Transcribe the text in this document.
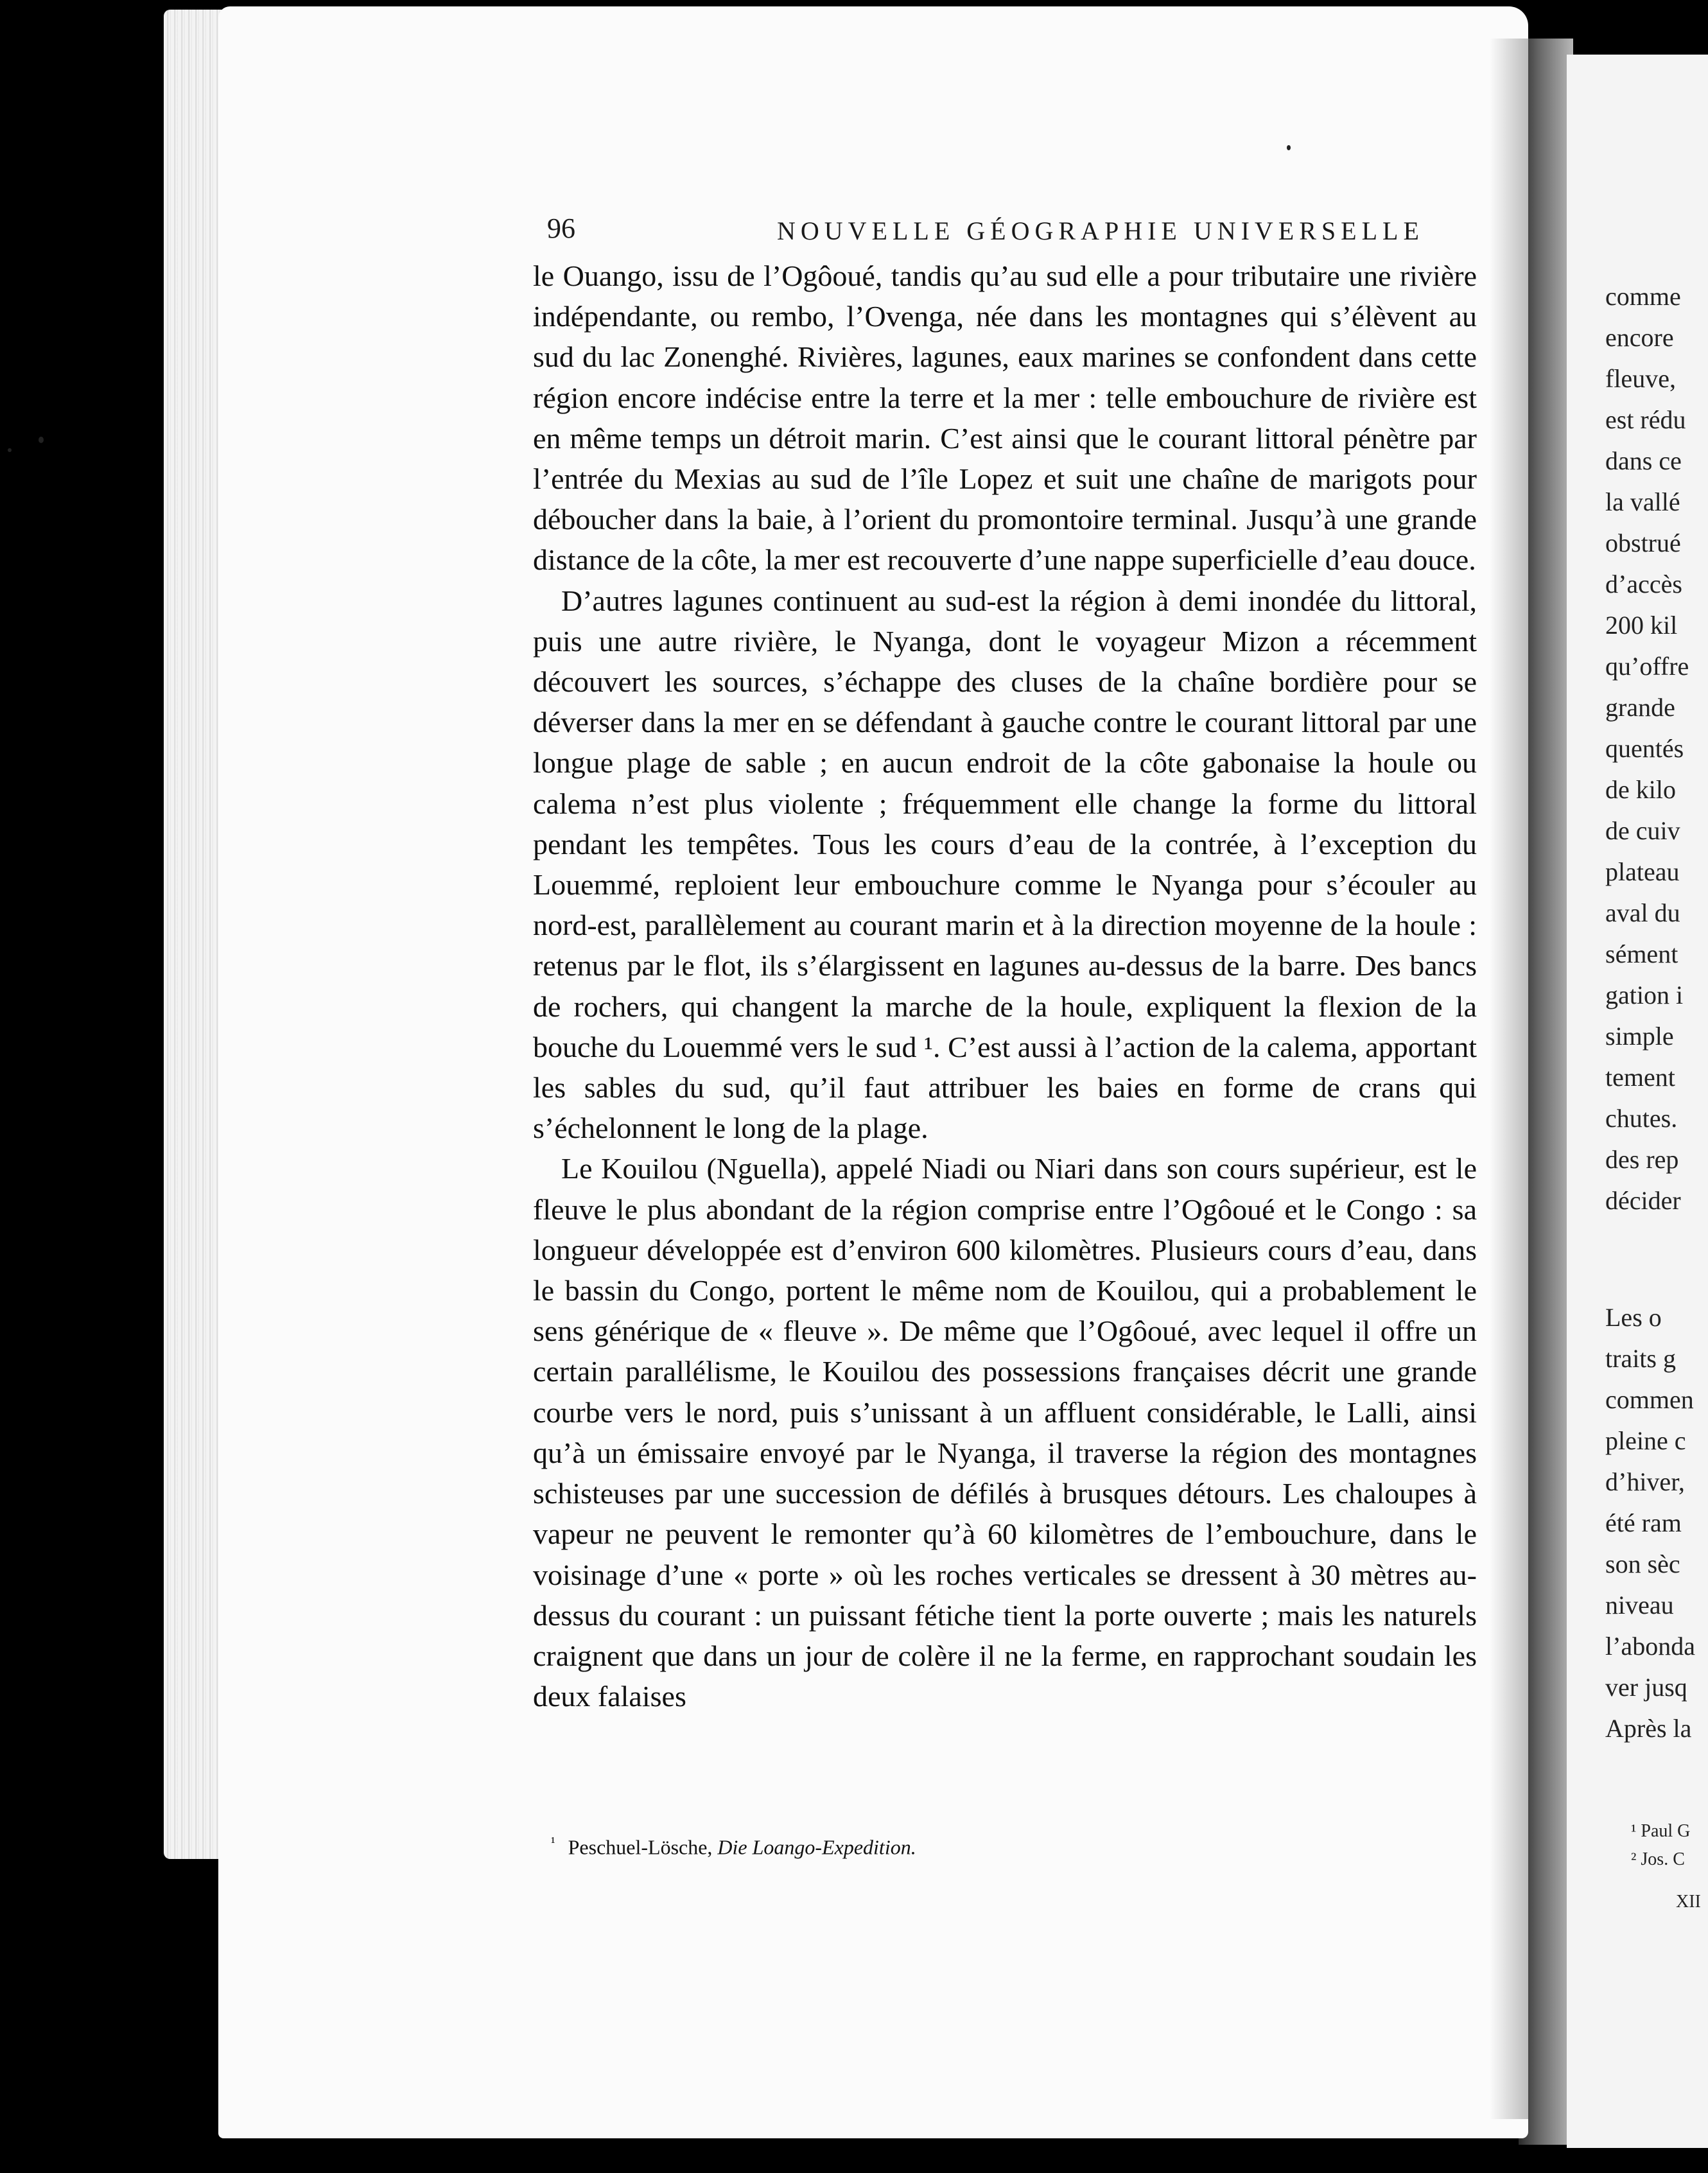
96	NOUVELLE GÉOGRAPHIE UNIVERSELLE

le Ouango, issu de l’Ogôoué, tandis qu’au sud elle a pour tributaire une rivière indépendante, ou rembo, l’Ovenga, née dans les montagnes qui s’élèvent au sud du lac Zonenghé. Rivières, lagunes, eaux marines se confondent dans cette région encore indécise entre la terre et la mer : telle embouchure de rivière est en même temps un détroit marin. C’est ainsi que le courant littoral pénètre par l’entrée du Mexias au sud de l’île Lopez et suit une chaîne de marigots pour déboucher dans la baie, à l’orient du promontoire terminal. Jusqu’à une grande distance de la côte, la mer est recouverte d’une nappe superficielle d’eau douce.

D’autres lagunes continuent au sud-est la région à demi inondée du littoral, puis une autre rivière, le Nyanga, dont le voyageur Mizon a récemment découvert les sources, s’échappe des cluses de la chaîne bordière pour se déverser dans la mer en se défendant à gauche contre le courant littoral par une longue plage de sable ; en aucun endroit de la côte gabonaise la houle ou calema n’est plus violente ; fréquemment elle change la forme du littoral pendant les tempêtes. Tous les cours d’eau de la contrée, à l’exception du Louemmé, reploient leur embouchure comme le Nyanga pour s’écouler au nord-est, parallèlement au courant marin et à la direction moyenne de la houle : retenus par le flot, ils s’élargissent en lagunes au-dessus de la barre. Des bancs de rochers, qui changent la marche de la houle, expliquent la flexion de la bouche du Louemmé vers le sud ¹. C’est aussi à l’action de la calema, apportant les sables du sud, qu’il faut attribuer les baies en forme de crans qui s’échelonnent le long de la plage.

Le Kouilou (Nguella), appelé Niadi ou Niari dans son cours supérieur, est le fleuve le plus abondant de la région comprise entre l’Ogôoué et le Congo : sa longueur développée est d’environ 600 kilomètres. Plusieurs cours d’eau, dans le bassin du Congo, portent le même nom de Kouilou, qui a probablement le sens générique de « fleuve ». De même que l’Ogôoué, avec lequel il offre un certain parallélisme, le Kouilou des possessions françaises décrit une grande courbe vers le nord, puis s’unissant à un affluent considérable, le Lalli, ainsi qu’à un émissaire envoyé par le Nyanga, il traverse la région des montagnes schisteuses par une succession de défilés à brusques détours. Les chaloupes à vapeur ne peuvent le remonter qu’à 60 kilomètres de l’embouchure, dans le voisinage d’une « porte » où les roches verticales se dressent à 30 mètres au-dessus du courant : un puissant fétiche tient la porte ouverte ; mais les naturels craignent que dans un jour de colère il ne la ferme, en rapprochant soudain les deux falaises

$^{^1}$ Peschuel-Lösche, Die Loango-Expedition.
comme
encore
fleuve,
est rédu
dans ce
la vallé
obstrué
d’accès
200 kil
qu’offre
grande
quentés
de kilo
de cuiv
plateau
aval du
sément
gation i
simple
tement
chutes.
des rep
décider
Les o
traits g
commen
pleine c
d’hiver,
été ram
son sèc
niveau
l’abonda
ver jusq
Après la
¹ Paul G
² Jos. C
XII
